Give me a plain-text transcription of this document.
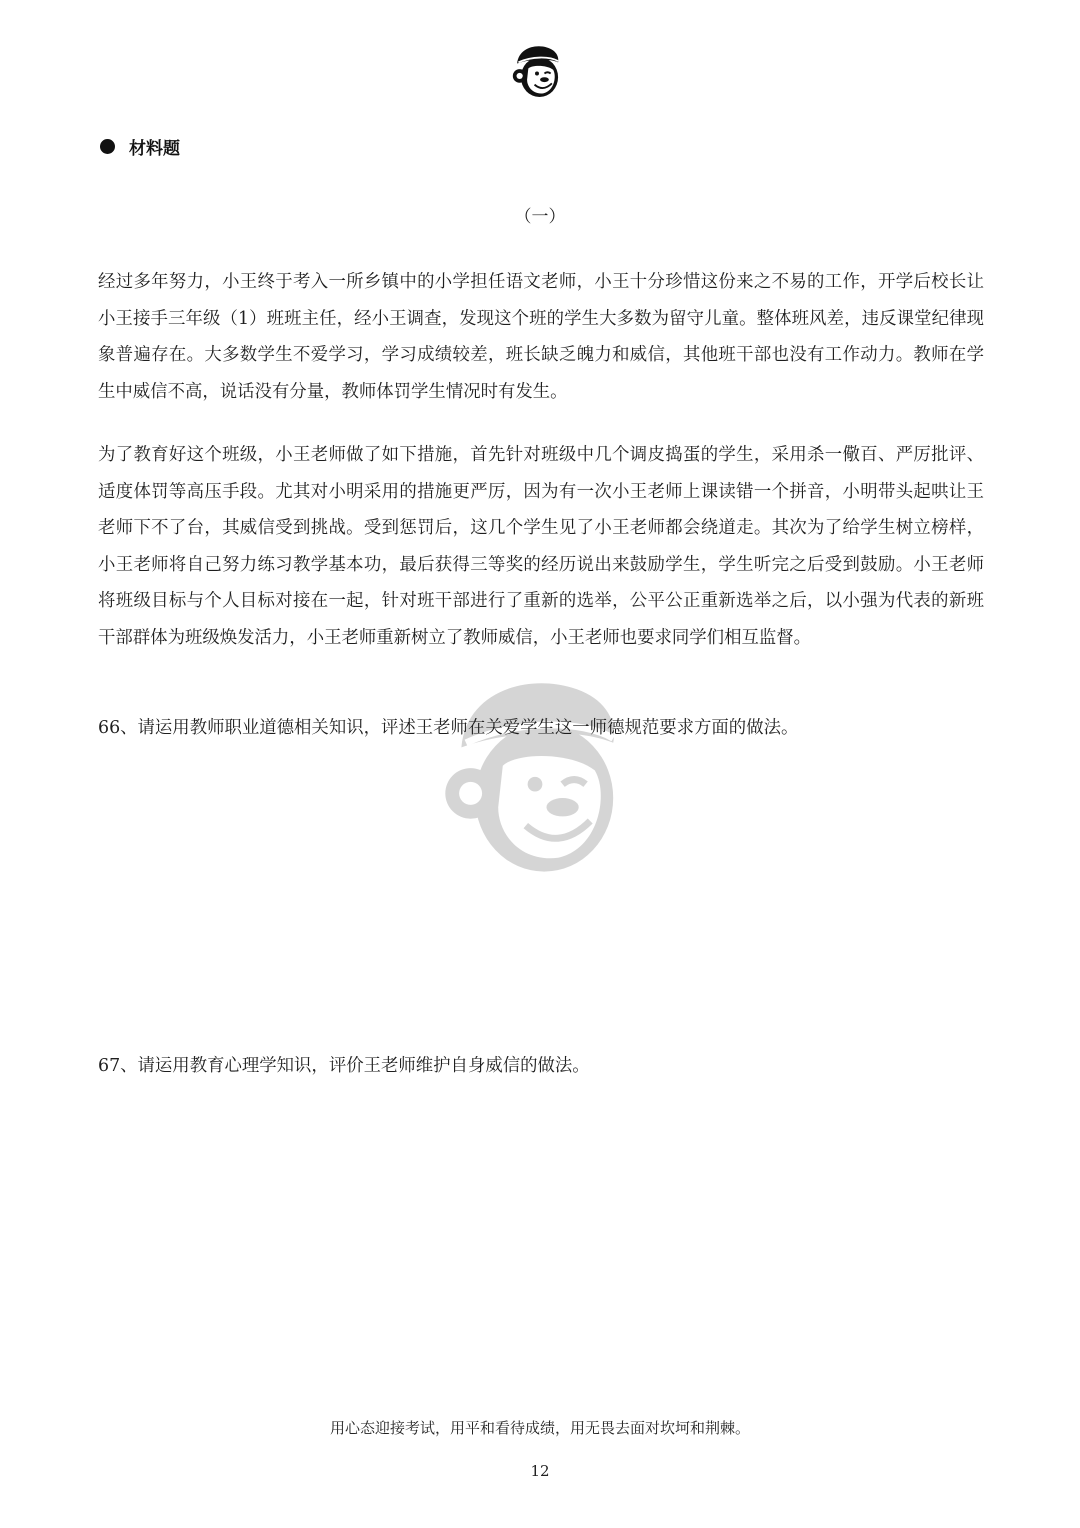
材料题
（一）

经过多年努力，小王终于考入一所乡镇中的小学担任语文老师，小王十分珍惜这份来之不易的工作，开学后校长让小王接手三年级（1）班班主任，经小王调查，发现这个班的学生大多数为留守儿童。整体班风差，违反课堂纪律现象普遍存在。大多数学生不爱学习，学习成绩较差，班长缺乏魄力和威信，其他班干部也没有工作动力。教师在学生中威信不高，说话没有分量，教师体罚学生情况时有发生。

为了教育好这个班级，小王老师做了如下措施，首先针对班级中几个调皮捣蛋的学生，采用杀一儆百、严厉批评、适度体罚等高压手段。尤其对小明采用的措施更严厉，因为有一次小王老师上课读错一个拼音，小明带头起哄让王老师下不了台，其威信受到挑战。受到惩罚后，这几个学生见了小王老师都会绕道走。其次为了给学生树立榜样，小王老师将自己努力练习教学基本功，最后获得三等奖的经历说出来鼓励学生，学生听完之后受到鼓励。小王老师将班级目标与个人目标对接在一起，针对班干部进行了重新的选举，公平公正重新选举之后，以小强为代表的新班干部群体为班级焕发活力，小王老师重新树立了教师威信，小王老师也要求同学们相互监督。

66、请运用教师职业道德相关知识，评述王老师在关爱学生这一师德规范要求方面的做法。

67、请运用教育心理学知识，评价王老师维护自身威信的做法。

用心态迎接考试，用平和看待成绩，用无畏去面对坎坷和荆棘。
12
